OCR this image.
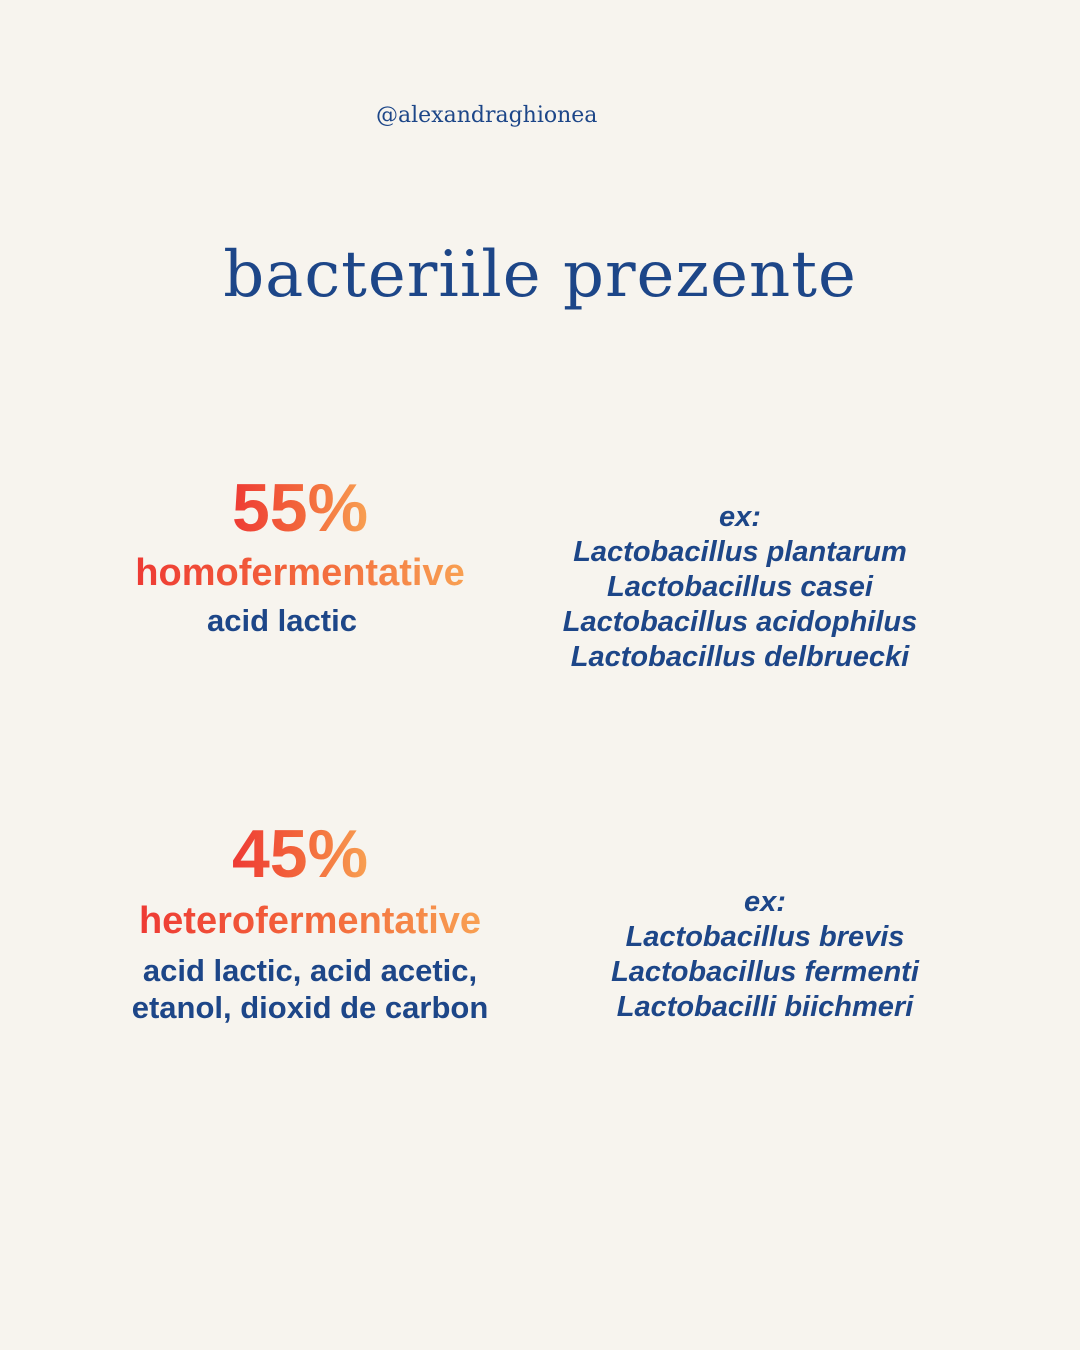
@alexandraghionea
bacteriile prezente
55%
homofermentative
acid lactic
ex:
Lactobacillus plantarum
Lactobacillus casei
Lactobacillus acidophilus
Lactobacillus delbruecki
45%
heterofermentative
acid lactic, acid acetic,
etanol, dioxid de carbon
ex:
Lactobacillus brevis
Lactobacillus fermenti
Lactobacilli biichmeri
